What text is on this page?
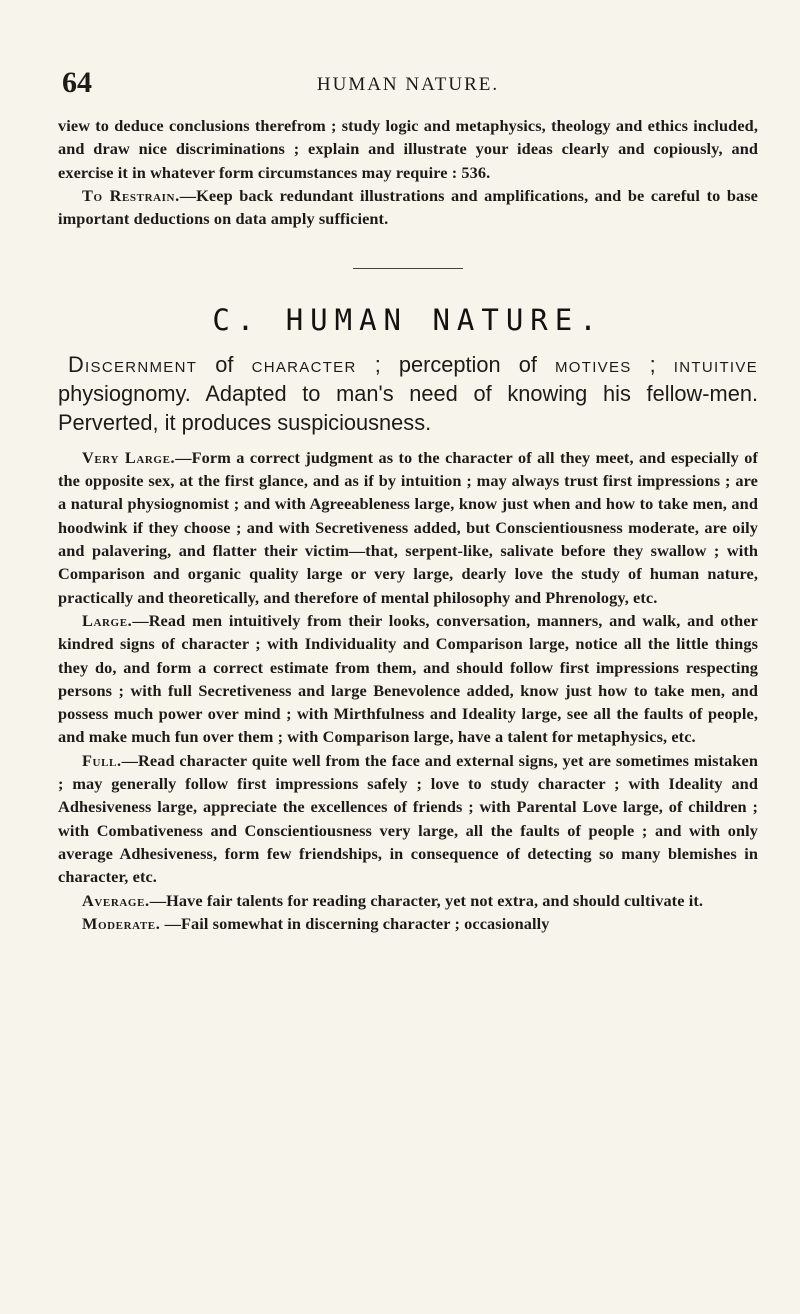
64	HUMAN NATURE.

view to deduce conclusions therefrom ; study logic and metaphysics, theology and ethics included, and draw nice discriminations ; explain and illustrate your ideas clearly and copiously, and exercise it in whatever form circumstances may require : 536.

To Restrain.—Keep back redundant illustrations and amplifications, and be careful to base important deductions on data amply sufficient.

C. HUMAN NATURE.

Discernment of character ; perception of motives ; intuitive physiognomy. Adapted to man's need of knowing his fellow-men. Perverted, it produces suspiciousness.

Very Large.—Form a correct judgment as to the character of all they meet, and especially of the opposite sex, at the first glance, and as if by intuition ; may always trust first impressions ; are a natural physiognomist ; and with Agreeableness large, know just when and how to take men, and hoodwink if they choose ; and with Secretiveness added, but Conscientiousness moderate, are oily and palavering, and flatter their victim—that, serpent-like, salivate before they swallow ; with Comparison and organic quality large or very large, dearly love the study of human nature, practically and theoretically, and therefore of mental philosophy and Phrenology, etc.

Large.—Read men intuitively from their looks, conversation, manners, and walk, and other kindred signs of character ; with Individuality and Comparison large, notice all the little things they do, and form a correct estimate from them, and should follow first impressions respecting persons ; with full Secretiveness and large Benevolence added, know just how to take men, and possess much power over mind ; with Mirthfulness and Ideality large, see all the faults of people, and make much fun over them ; with Comparison large, have a talent for metaphysics, etc.

Full.—Read character quite well from the face and external signs, yet are sometimes mistaken ; may generally follow first impressions safely ; love to study character ; with Ideality and Adhesiveness large, appreciate the excellences of friends ; with Parental Love large, of children ; with Combativeness and Conscientiousness very large, all the faults of people ; and with only average Adhesiveness, form few friendships, in consequence of detecting so many blemishes in character, etc.

Average.—Have fair talents for reading character, yet not extra, and should cultivate it.

Moderate. —Fail somewhat in discerning character ; occasionally
